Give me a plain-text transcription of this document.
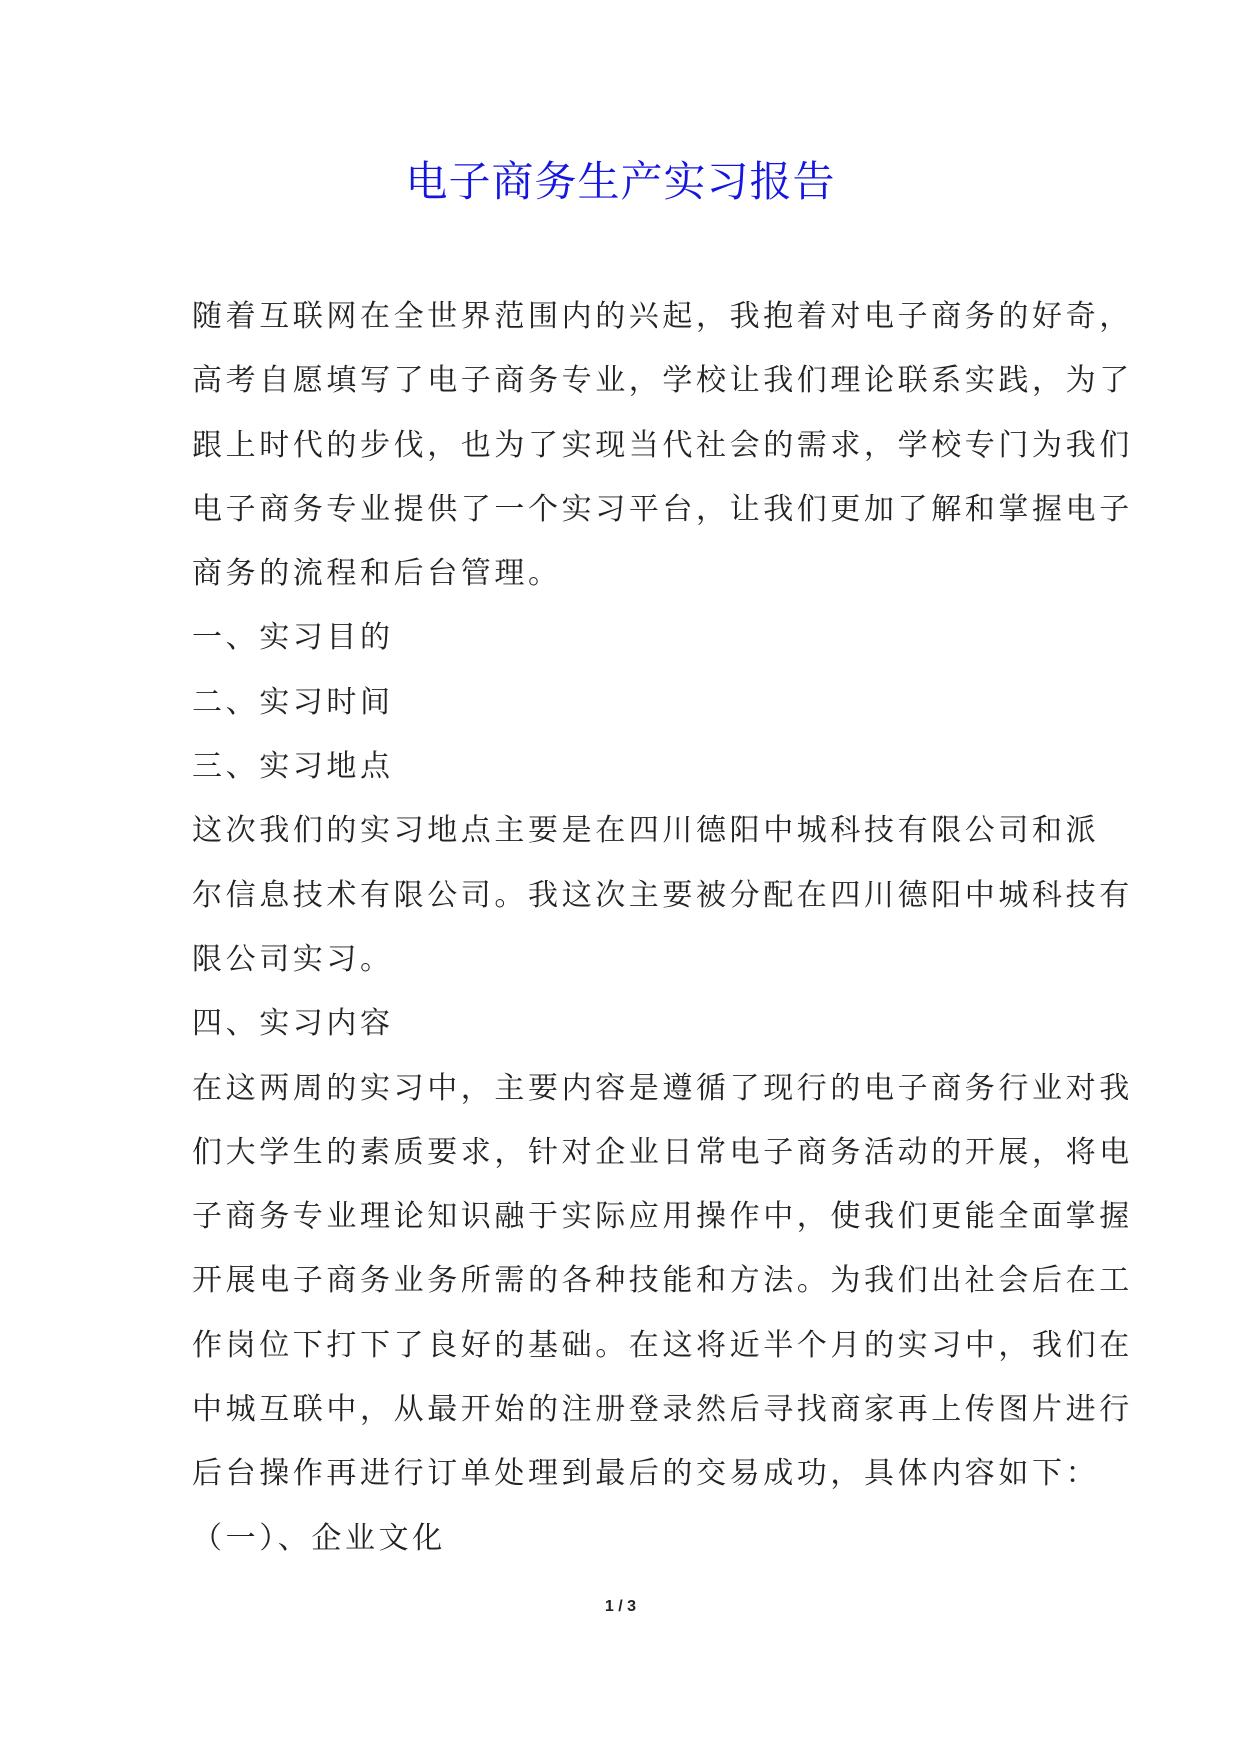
电子商务生产实习报告

随着互联网在全世界范围内的兴起，我抱着对电子商务的好奇，
高考自愿填写了电子商务专业，学校让我们理论联系实践，为了
跟上时代的步伐，也为了实现当代社会的需求，学校专门为我们
电子商务专业提供了一个实习平台，让我们更加了解和掌握电子
商务的流程和后台管理。

一、实习目的

二、实习时间

三、实习地点

这次我们的实习地点主要是在四川德阳中城科技有限公司和派
尔信息技术有限公司。我这次主要被分配在四川德阳中城科技有
限公司实习。

四、实习内容

在这两周的实习中，主要内容是遵循了现行的电子商务行业对我
们大学生的素质要求，针对企业日常电子商务活动的开展，将电
子商务专业理论知识融于实际应用操作中，使我们更能全面掌握
开展电子商务业务所需的各种技能和方法。为我们出社会后在工
作岗位下打下了良好的基础。在这将近半个月的实习中，我们在
中城互联中，从最开始的注册登录然后寻找商家再上传图片进行
后台操作再进行订单处理到最后的交易成功，具体内容如下：

（一）、企业文化

1 / 3
